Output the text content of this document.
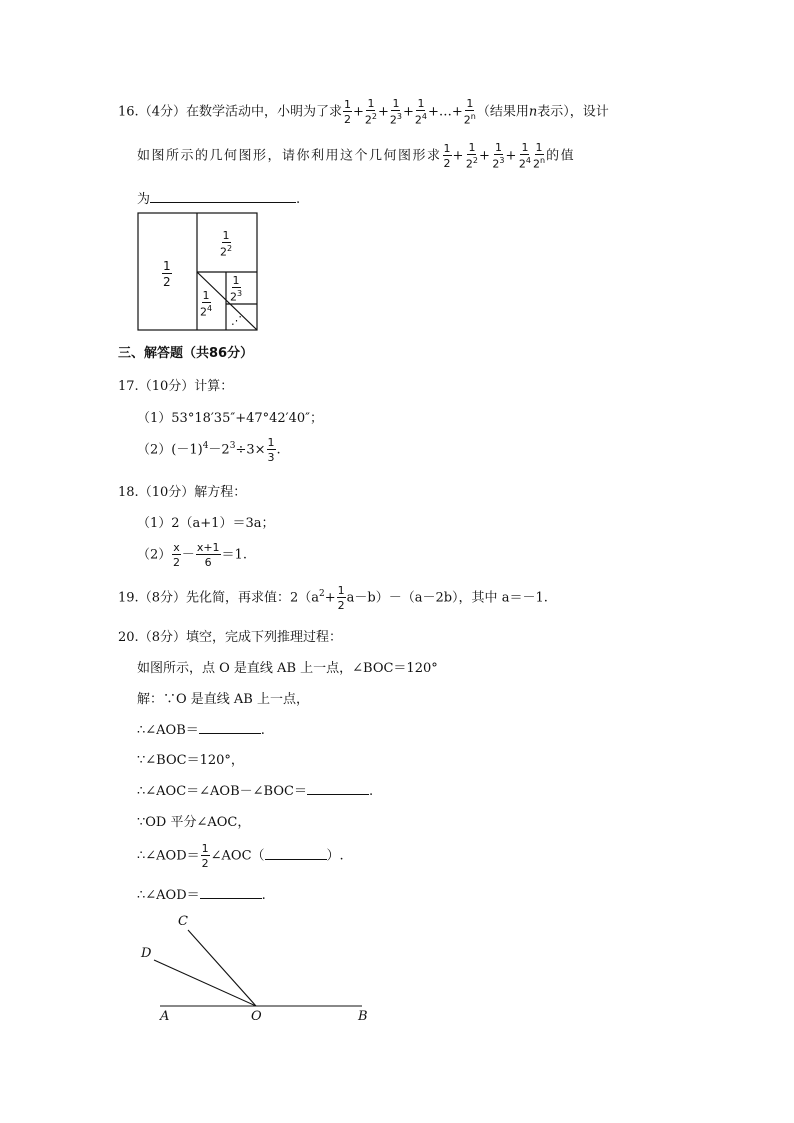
16.（4分）在数学活动中，小明为了求 $\frac{1}{2} + \frac{1}{2^2} + \frac{1}{2^3} + \frac{1}{2^4}$ +…+ $\frac{1}{2^n}$ （结果用n表示），设计
如图所示的几何图形，请你利用这个几何图形求 $\frac{1}{2} + \frac{1}{2^2} + \frac{1}{2^3} + \frac{1}{2^4} \frac{1}{2^n}$ 的值
为	.
$\frac{1}{2}$
$\frac{1}{2^2}$
$\frac{1}{2^3}$
$\frac{1}{2^4}$
⋰
三、解答题（共86分）
17.（10分）计算：
（1）53°18′35″+47°42′40″；
$(2)(-1)^4-2^3\div 3\times \frac{1}{3}$ .
18.（10分）解方程：
（1）2（a+1）＝3a；
$(2) \frac{x}{2} - \frac{x+1}{6} =1$.
19.（8分）先化简，再求值：$2(a^2+ \frac{1}{2} a-b)-(a-2b)$，其中 a＝－1.
20.（8分）填空，完成下列推理过程：
如图所示，点 O 是直线 AB 上一点，∠BOC＝120°
解：∵O 是直线 AB 上一点，
∴∠AOB＝	.
∵∠BOC＝120°，
∴∠AOC＝∠AOB－∠BOC＝	.
∵OD 平分∠AOC，
∴∠AOD＝ $\frac{1}{2}$ ∠AOC（	）.
∴∠AOD＝	.
C
D
A	O	B
